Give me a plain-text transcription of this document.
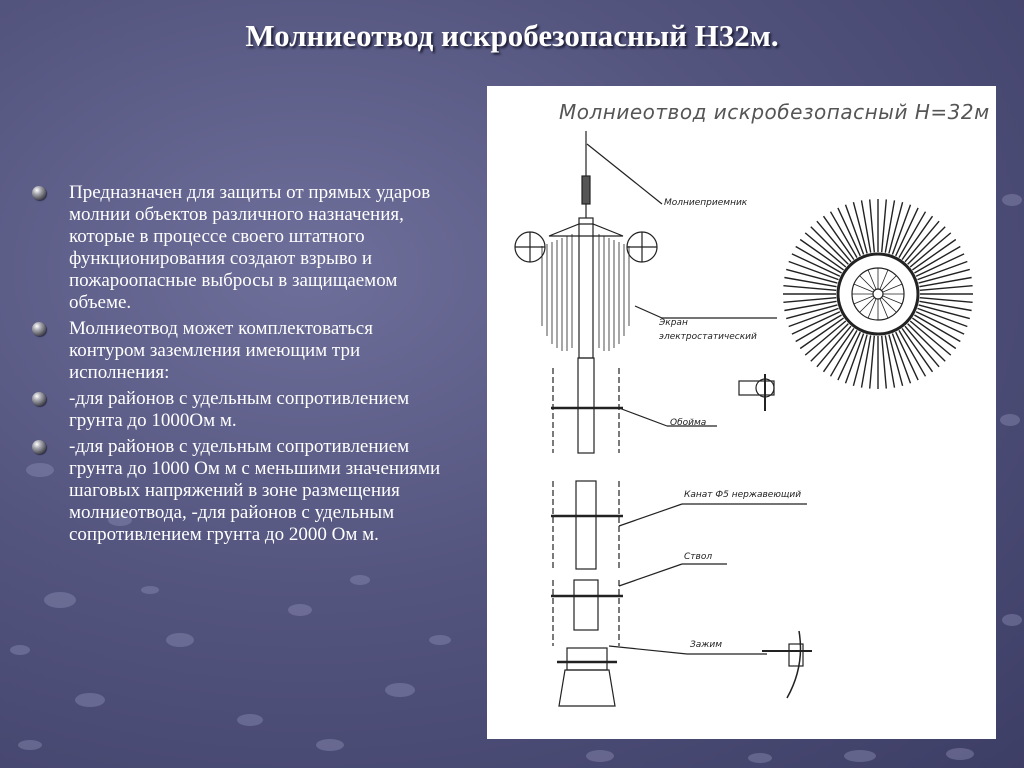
Молниеотвод искробезопасный Н32м.
Предназначен для защиты от прямых ударов молнии объектов различного назначения, которые в процессе своего штатного функционирования создают взрыво и пожароопасные выбросы в защищаемом объеме.
Молниеотвод может комплектоваться контуром заземления имеющим три исполнения:
-для районов с удельным сопротивлением грунта до 1000Ом м.
-для районов с удельным сопротивлением грунта до 1000 Ом м с меньшими значениями шаговых напряжений в зоне размещения молниеотвода, -для районов с удельным сопротивлением грунта до 2000 Ом м.
Молниеотвод искробезопасный Н=32м
Молниеприемник
Экран
электростатический
Обойма
Канат Ф5 нержавеющий
Ствол
Зажим
